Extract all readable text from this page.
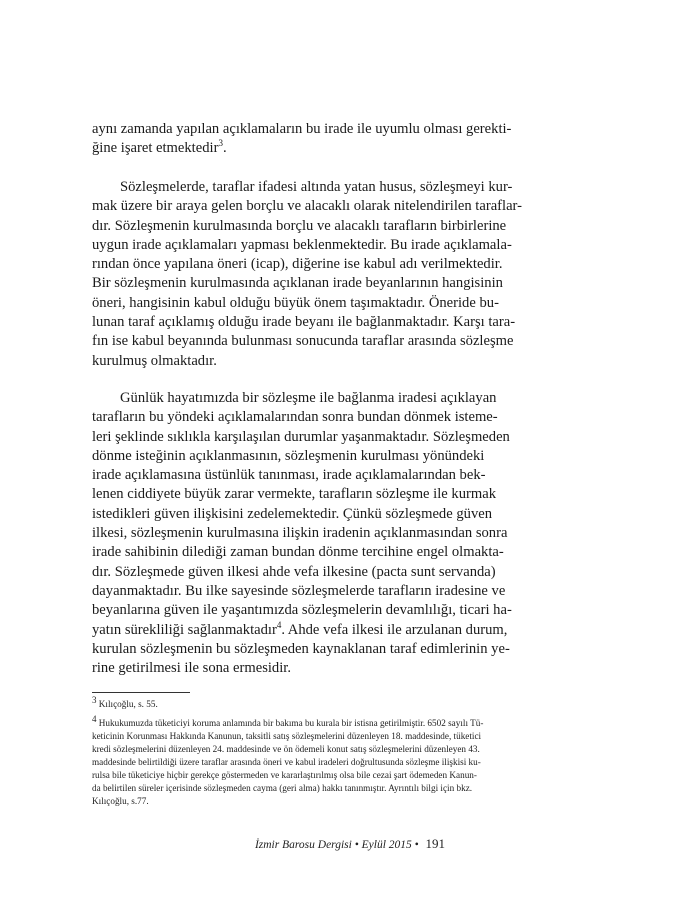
aynı zamanda yapılan açıklamaların bu irade ile uyumlu olması gerekti-
ğine işaret etmektedir$^3$.
Sözleşmelerde, taraflar ifadesi altında yatan husus, sözleşmeyi kur-
mak üzere bir araya gelen borçlu ve alacaklı olarak nitelendirilen taraflar-
dır. Sözleşmenin kurulmasında borçlu ve alacaklı tarafların birbirlerine
uygun irade açıklamaları yapması beklenmektedir. Bu irade açıklamala-
rından önce yapılana öneri (icap), diğerine ise kabul adı verilmektedir.
Bir sözleşmenin kurulmasında açıklanan irade beyanlarının hangisinin
öneri, hangisinin kabul olduğu büyük önem taşımaktadır. Öneride bu-
lunan taraf açıklamış olduğu irade beyanı ile bağlanmaktadır. Karşı tara-
fın ise kabul beyanında bulunması sonucunda taraflar arasında sözleşme
kurulmuş olmaktadır.
Günlük hayatımızda bir sözleşme ile bağlanma iradesi açıklayan
tarafların bu yöndeki açıklamalarından sonra bundan dönmek isteme-
leri şeklinde sıklıkla karşılaşılan durumlar yaşanmaktadır. Sözleşmeden
dönme isteğinin açıklanmasının, sözleşmenin kurulması yönündeki
irade açıklamasına üstünlük tanınması, irade açıklamalarından bek-
lenen ciddiyete büyük zarar vermekte, tarafların sözleşme ile kurmak
istedikleri güven ilişkisini zedelemektedir. Çünkü sözleşmede güven
ilkesi, sözleşmenin kurulmasına ilişkin iradenin açıklanmasından sonra
irade sahibinin dilediği zaman bundan dönme tercihine engel olmakta-
dır. Sözleşmede güven ilkesi ahde vefa ilkesine (pacta sunt servanda)
dayanmaktadır. Bu ilke sayesinde sözleşmelerde tarafların iradesine ve
beyanlarına güven ile yaşantımızda sözleşmelerin devamlılığı, ticari ha-
yatın sürekliliği sağlanmaktadır$^4$. Ahde vefa ilkesi ile arzulanan durum,
kurulan sözleşmenin bu sözleşmeden kaynaklanan taraf edimlerinin ye-
rine getirilmesi ile sona ermesidir.
$^3$ Kılıçoğlu, s. 55.
$^4$ Hukukumuzda tüketiciyi koruma anlamında bir bakıma bu kurala bir istisna getirilmiştir. 6502 sayılı Tü-
keticinin Korunması Hakkında Kanunun, taksitli satış sözleşmelerini düzenleyen 18. maddesinde, tüketici
kredi sözleşmelerini düzenleyen 24. maddesinde ve ön ödemeli konut satış sözleşmelerini düzenleyen 43.
maddesinde belirtildiği üzere taraflar arasında öneri ve kabul iradeleri doğrultusunda sözleşme ilişkisi ku-
rulsa bile tüketiciye hiçbir gerekçe göstermeden ve kararlaştırılmış olsa bile cezai şart ödemeden Kanun-
da belirtilen süreler içerisinde sözleşmeden cayma (geri alma) hakkı tanınmıştır. Ayrıntılı bilgi için bkz.
Kılıçoğlu, s.77.
İzmir Barosu Dergisi • Eylül 2015 • 191
